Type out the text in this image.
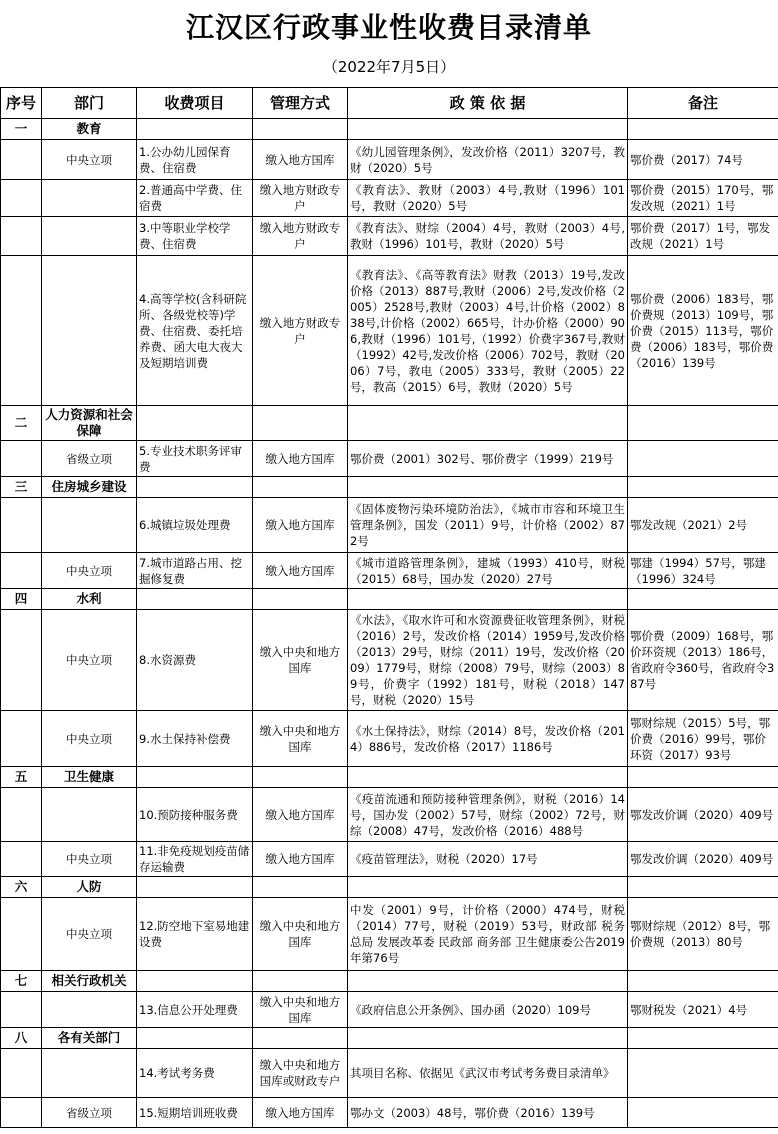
江汉区行政事业性收费目录清单
（2022年7月5日）
序号	部门	收费项目	管理方式	政 策 依 据	备注
一	教育				
	中央立项	1.公办幼儿园保育费、住宿费	缴入地方国库	《幼儿园管理条例》，发改价格（2011）3207号，教财（2020）5号	鄂价费（2017）74号
		2.普通高中学费、住宿费	缴入地方财政专户	《教育法》、教财（2003）4号,教财（1996）101号，教财（2020）5号	鄂价费（2015）170号，鄂发改规（2021）1号
		3.中等职业学校学费、住宿费	缴入地方财政专户	《教育法》、财综（2004）4号，教财（2003）4号,教财（1996）101号，教财（2020）5号	鄂价费（2017）1号，鄂发改规（2021）1号
		4.高等学校(含科研院所、各级党校等)学费、住宿费、委托培养费、函大电大夜大及短期培训费	缴入地方财政专户	《教育法》、《高等教育法》财教（2013）19号,发改价格（2013）887号,教财（2006）2号,发改价格（2005）2528号,教财（2003）4号,计价格（2002）838号,计价格（2002）665号，计办价格（2000）906,教财（1996）101号,（1992）价费字367号,教财（1992）42号,发改价格（2006）702号，教财（2006）7号，教电（2005）333号，教财（2005）22号，教高（2015）6号，教财（2020）5号	鄂价费（2006）183号，鄂价费规（2013）109号，鄂价费（2015）113号，鄂价费（2006）183号，鄂价费（2016）139号
二	人力资源和社会保障				
	省级立项	5.专业技术职务评审费	缴入地方国库	鄂价费（2001）302号、鄂价费字（1999）219号	
三	住房城乡建设				
		6.城镇垃圾处理费	缴入地方国库	《固体废物污染环境防治法》，《城市市容和环境卫生管理条例》，国发（2011）9号，计价格（2002）872号	鄂发改规（2021）2号
	中央立项	7.城市道路占用、挖掘修复费	缴入地方国库	《城市道路管理条例》，建城（1993）410号，财税（2015）68号，国办发（2020）27号	鄂建（1994）57号，鄂建（1996）324号
四	水利				
	中央立项	8.水资源费	缴入中央和地方国库	《水法》，《取水许可和水资源费征收管理条例》，财税（2016）2号，发改价格（2014）1959号,发改价格（2013）29号，财综（2011）19号，发改价格（2009）1779号，财综（2008）79号，财综（2003）89号，价费字（1992）181号，财税（2018）147号，财税（2020）15号	鄂价费（2009）168号，鄂价环资规（2013）186号，省政府令360号，省政府令387号
	中央立项	9.水土保持补偿费	缴入中央和地方国库	《水土保持法》，财综（2014）8号，发改价格（2014）886号，发改价格（2017）1186号	鄂财综规（2015）5号，鄂价费（2016）99号，鄂价环资（2017）93号
五	卫生健康				
		10.预防接种服务费	缴入地方国库	《疫苗流通和预防接种管理条例》，财税（2016）14号，国办发（2002）57号，财综（2002）72号，财综（2008）47号，发改价格（2016）488号	鄂发改价调（2020）409号
	中央立项	11.非免疫规划疫苗储存运输费	缴入地方国库	《疫苗管理法》，财税（2020）17号	鄂发改价调（2020）409号
六	人防				
	中央立项	12.防空地下室易地建设费	缴入中央和地方国库	中发（2001）9号，计价格（2000）474号，财税（2014）77号，财税（2019）53号，财政部 税务总局 发展改革委 民政部 商务部 卫生健康委公告2019年第76号	鄂财综规（2012）8号，鄂价费规（2013）80号
七	相关行政机关				
		13.信息公开处理费	缴入中央和地方国库	《政府信息公开条例》、国办函（2020）109号	鄂财税发（2021）4号
八	各有关部门				
		14.考试考务费	缴入中央和地方国库或财政专户	其项目名称、依据见《武汉市考试考务费目录清单》	
	省级立项	15.短期培训班收费	缴入地方国库	鄂办文（2003）48号，鄂价费（2016）139号	
